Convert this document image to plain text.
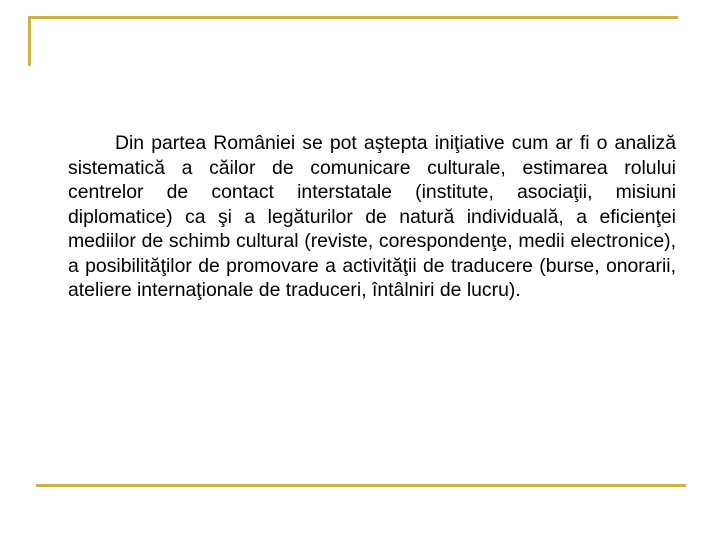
Din partea României se pot aştepta iniţiative cum ar fi o analiză sistematică a căilor de comunicare culturale, estimarea rolului centrelor de contact interstatale (institute, asociaţii, misiuni diplomatice) ca şi a legăturilor de natură individuală, a eficienţei mediilor de schimb cultural (reviste, corespondenţe, medii electronice), a posibilităţilor de promovare a activităţii de traducere (burse, onorarii, ateliere internaţionale de traduceri, întâlniri de lucru).
